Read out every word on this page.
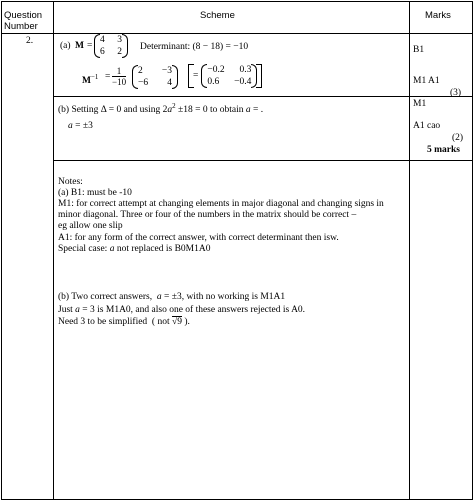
Question Number
Scheme	Marks
2.	(a) M =
4 3
6 2 Determinant: (8 − 18) = −10
$M^{-1} = \frac{1}{-10} 2 -3$
−6 4
=
−0.2 0.3
0.6 −0.4
B1
M1 A1
(3)
(b) Setting Δ = 0 and using $2a^2 \pm 18 = 0$ to obtain a = .
a = ±3
M1
A1 cao
(2)
5 marks
Notes:
(a) B1: must be -10
M1: for correct attempt at changing elements in major diagonal and changing signs in
minor diagonal. Three or four of the numbers in the matrix should be correct –
eg allow one slip
A1: for any form of the correct answer, with correct determinant then isw.
Special case: a not replaced is B0M1A0
(b) Two correct answers,  a = ±3, with no working is M1A1
Just a = 3 is M1A0, and also one of these answers rejected is A0.
Need 3 to be simplified  ( not √9 ).
